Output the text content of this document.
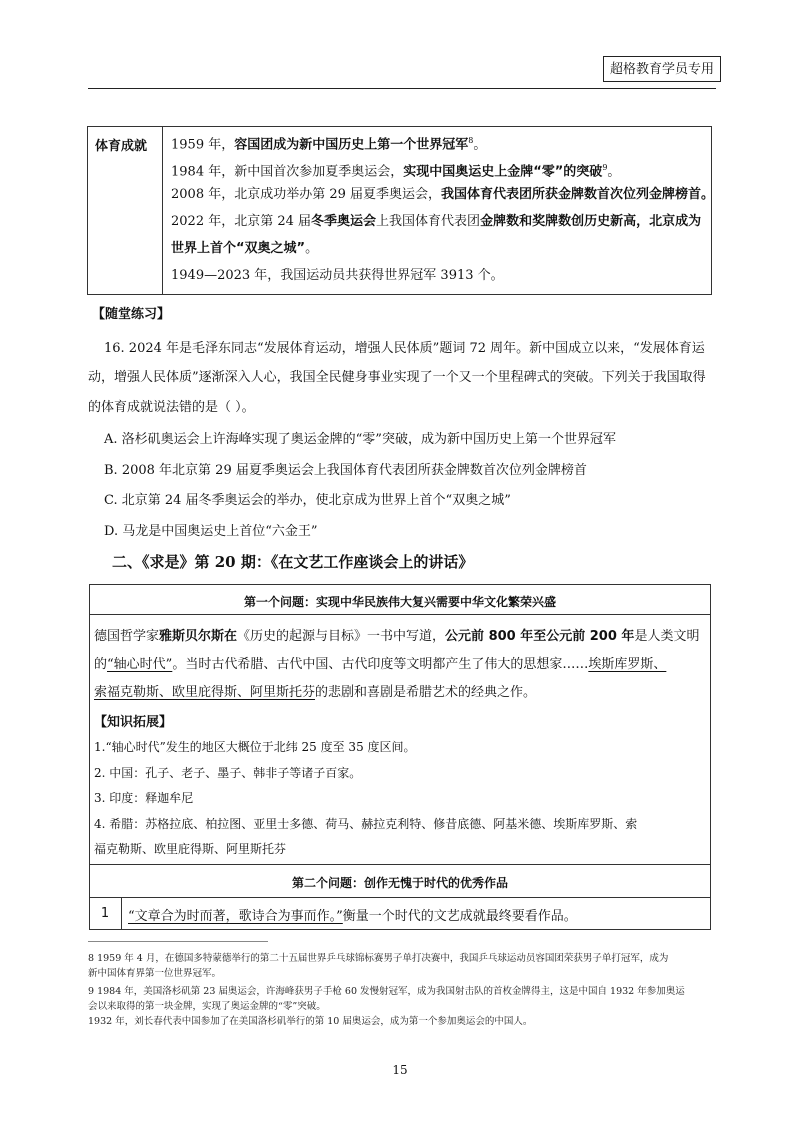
超格教育学员专用
体育成就	1959 年，容国团成为新中国历史上第一个世界冠军$^8$。
1984 年，新中国首次参加夏季奥运会，实现中国奥运史上金牌“零”的突破$^9$。
2008 年，北京成功举办第 29 届夏季奥运会，我国体育代表团所获金牌数首次位列金牌榜首。
2022 年，北京第 24 届冬季奥运会上我国体育代表团金牌数和奖牌数创历史新高，北京成为
世界上首个“双奥之城”。
1949—2023 年，我国运动员共获得世界冠军 3913 个。
【随堂练习】
16. 2024 年是毛泽东同志“发展体育运动，增强人民体质”题词 72 周年。新中国成立以来，“发展体育运
动，增强人民体质”逐渐深入人心，我国全民健身事业实现了一个又一个里程碑式的突破。下列关于我国取得
的体育成就说法错的是（ ）。
A. 洛杉矶奥运会上许海峰实现了奥运金牌的“零”突破，成为新中国历史上第一个世界冠军
B. 2008 年北京第 29 届夏季奥运会上我国体育代表团所获金牌数首次位列金牌榜首
C. 北京第 24 届冬季奥运会的举办，使北京成为世界上首个“双奥之城”
D. 马龙是中国奥运史上首位“六金王”
二、《求是》第 20 期：《在文艺工作座谈会上的讲话》
第一个问题：实现中华民族伟大复兴需要中华文化繁荣兴盛
德国哲学家雅斯贝尔斯在《历史的起源与目标》一书中写道，公元前 800 年至公元前 200 年是人类文明
的“轴心时代”。当时古代希腊、古代中国、古代印度等文明都产生了伟大的思想家……埃斯库罗斯、
索福克勒斯、欧里庇得斯、阿里斯托芬的悲剧和喜剧是希腊艺术的经典之作。
【知识拓展】
1.“轴心时代”发生的地区大概位于北纬 25 度至 35 度区间。
2. 中国：孔子、老子、墨子、韩非子等诸子百家。
3. 印度：释迦牟尼
4. 希腊：苏格拉底、柏拉图、亚里士多德、荷马、赫拉克利特、修昔底德、阿基米德、埃斯库罗斯、索
福克勒斯、欧里庇得斯、阿里斯托芬
第二个问题：创作无愧于时代的优秀作品
1	“文章合为时而著，歌诗合为事而作。”衡量一个时代的文艺成就最终要看作品。
8 1959 年 4 月，在德国多特蒙德举行的第二十五届世界乒乓球锦标赛男子单打决赛中，我国乒乓球运动员容国团荣获男子单打冠军，成为
新中国体育界第一位世界冠军。
9 1984 年，美国洛杉矶第 23 届奥运会，许海峰获男子手枪 60 发慢射冠军，成为我国射击队的首枚金牌得主，这是中国自 1932 年参加奥运
会以来取得的第一块金牌，实现了奥运金牌的“零”突破。
1932 年，刘长春代表中国参加了在美国洛杉矶举行的第 10 届奥运会，成为第一个参加奥运会的中国人。
15
